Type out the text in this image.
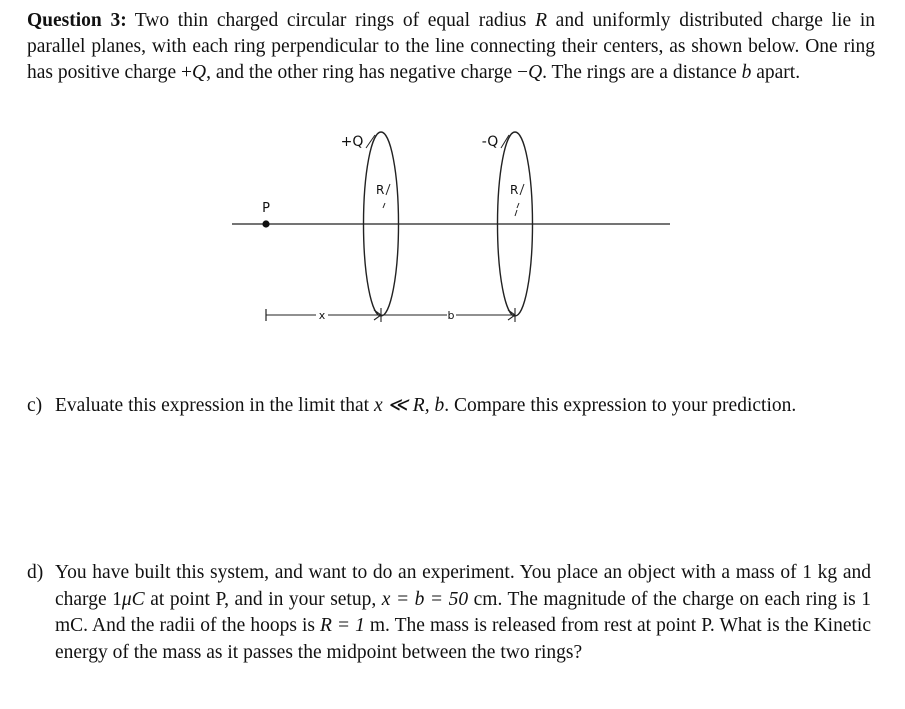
Question 3: Two thin charged circular rings of equal radius R and uniformly distributed charge lie in parallel planes, with each ring perpendicular to the line connecting their centers, as shown below. One ring has positive charge +Q, and the other ring has negative charge −Q. The rings are a distance b apart.
P
+Q
R
-Q
R
x	b
c) Evaluate this expression in the limit that x ≪ R, b. Compare this expression to your prediction.
d) You have built this system, and want to do an experiment. You place an object with a mass of 1 kg and charge 1μC at point P, and in your setup, x = b = 50 cm. The magnitude of the charge on each ring is 1 mC. And the radii of the hoops is R = 1 m. The mass is released from rest at point P. What is the Kinetic energy of the mass as it passes the midpoint between the two rings?
